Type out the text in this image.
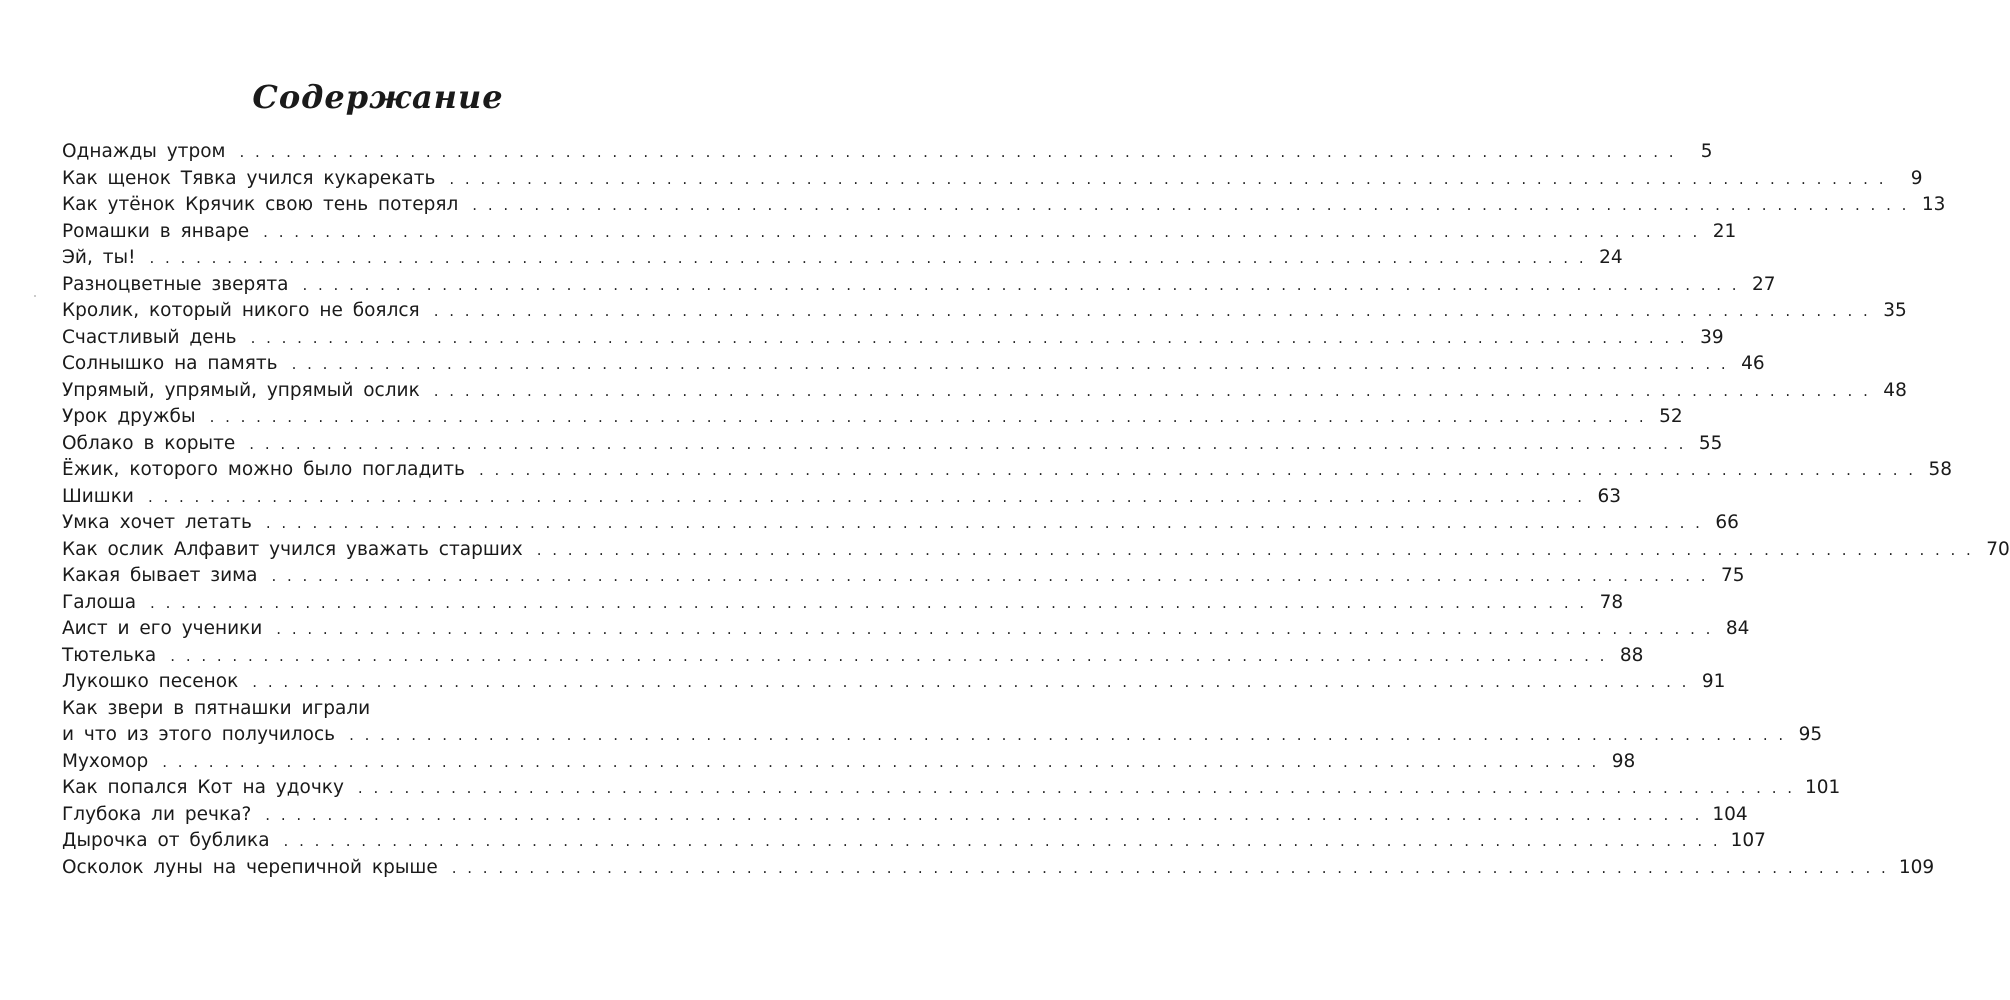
Содержание
Однажды утром . . . . . . . . . . . . . . . . . . . . . . . . . . . . . . . . . . . . . . . . . . . . . . . . . . . . . . . . . . . . . . . . . . . . . . . . . . . . . . . . . . . . . . . . . . . . .	5
Как щенок Тявка учился кукарекать . . . . . . . . . . . . . . . . . . . . . . . . . . . . . . . . . . . . . . . . . . . . . . . . . . . . . . . . . . . . . . . . . . . . . . . . . . . . . . . . . . . . . . . . . . . . .	9
Как утёнок Крячик свою тень потерял . . . . . . . . . . . . . . . . . . . . . . . . . . . . . . . . . . . . . . . . . . . . . . . . . . . . . . . . . . . . . . . . . . . . . . . . . . . . . . . . . . . . . . . . . . . . . 13
Ромашки в январе . . . . . . . . . . . . . . . . . . . . . . . . . . . . . . . . . . . . . . . . . . . . . . . . . . . . . . . . . . . . . . . . . . . . . . . . . . . . . . . . . . . . . . . . . . . . . 21
Эй, ты! . . . . . . . . . . . . . . . . . . . . . . . . . . . . . . . . . . . . . . . . . . . . . . . . . . . . . . . . . . . . . . . . . . . . . . . . . . . . . . . . . . . . . . . . . . . . . 24
Разноцветные зверята . . . . . . . . . . . . . . . . . . . . . . . . . . . . . . . . . . . . . . . . . . . . . . . . . . . . . . . . . . . . . . . . . . . . . . . . . . . . . . . . . . . . . . . . . . . . . 27
Кролик, который никого не боялся . . . . . . . . . . . . . . . . . . . . . . . . . . . . . . . . . . . . . . . . . . . . . . . . . . . . . . . . . . . . . . . . . . . . . . . . . . . . . . . . . . . . . . . . . . . . . 35
Счастливый день . . . . . . . . . . . . . . . . . . . . . . . . . . . . . . . . . . . . . . . . . . . . . . . . . . . . . . . . . . . . . . . . . . . . . . . . . . . . . . . . . . . . . . . . . . . . . 39
Солнышко на память . . . . . . . . . . . . . . . . . . . . . . . . . . . . . . . . . . . . . . . . . . . . . . . . . . . . . . . . . . . . . . . . . . . . . . . . . . . . . . . . . . . . . . . . . . . . . 46
Упрямый, упрямый, упрямый ослик . . . . . . . . . . . . . . . . . . . . . . . . . . . . . . . . . . . . . . . . . . . . . . . . . . . . . . . . . . . . . . . . . . . . . . . . . . . . . . . . . . . . . . . . . . . . . 48
Урок дружбы . . . . . . . . . . . . . . . . . . . . . . . . . . . . . . . . . . . . . . . . . . . . . . . . . . . . . . . . . . . . . . . . . . . . . . . . . . . . . . . . . . . . . . . . . . . . . 52
Облако в корыте . . . . . . . . . . . . . . . . . . . . . . . . . . . . . . . . . . . . . . . . . . . . . . . . . . . . . . . . . . . . . . . . . . . . . . . . . . . . . . . . . . . . . . . . . . . . . 55
Ёжик, которого можно было погладить . . . . . . . . . . . . . . . . . . . . . . . . . . . . . . . . . . . . . . . . . . . . . . . . . . . . . . . . . . . . . . . . . . . . . . . . . . . . . . . . . . . . . . . . . . . . . 58
Шишки . . . . . . . . . . . . . . . . . . . . . . . . . . . . . . . . . . . . . . . . . . . . . . . . . . . . . . . . . . . . . . . . . . . . . . . . . . . . . . . . . . . . . . . . . . . . . 63
Умка хочет летать . . . . . . . . . . . . . . . . . . . . . . . . . . . . . . . . . . . . . . . . . . . . . . . . . . . . . . . . . . . . . . . . . . . . . . . . . . . . . . . . . . . . . . . . . . . . . 66
Как ослик Алфавит учился уважать старших . . . . . . . . . . . . . . . . . . . . . . . . . . . . . . . . . . . . . . . . . . . . . . . . . . . . . . . . . . . . . . . . . . . . . . . . . . . . . . . . . . . . . . . . . . . . . 70
Какая бывает зима . . . . . . . . . . . . . . . . . . . . . . . . . . . . . . . . . . . . . . . . . . . . . . . . . . . . . . . . . . . . . . . . . . . . . . . . . . . . . . . . . . . . . . . . . . . . . 75
Галоша . . . . . . . . . . . . . . . . . . . . . . . . . . . . . . . . . . . . . . . . . . . . . . . . . . . . . . . . . . . . . . . . . . . . . . . . . . . . . . . . . . . . . . . . . . . . . 78
Аист и его ученики . . . . . . . . . . . . . . . . . . . . . . . . . . . . . . . . . . . . . . . . . . . . . . . . . . . . . . . . . . . . . . . . . . . . . . . . . . . . . . . . . . . . . . . . . . . . . 84
Тютелька . . . . . . . . . . . . . . . . . . . . . . . . . . . . . . . . . . . . . . . . . . . . . . . . . . . . . . . . . . . . . . . . . . . . . . . . . . . . . . . . . . . . . . . . . . . . . 88
Лукошко песенок . . . . . . . . . . . . . . . . . . . . . . . . . . . . . . . . . . . . . . . . . . . . . . . . . . . . . . . . . . . . . . . . . . . . . . . . . . . . . . . . . . . . . . . . . . . . . 91
Как звери в пятнашки играли
и что из этого получилось . . . . . . . . . . . . . . . . . . . . . . . . . . . . . . . . . . . . . . . . . . . . . . . . . . . . . . . . . . . . . . . . . . . . . . . . . . . . . . . . . . . . . . . . . . . . . 95
Мухомор . . . . . . . . . . . . . . . . . . . . . . . . . . . . . . . . . . . . . . . . . . . . . . . . . . . . . . . . . . . . . . . . . . . . . . . . . . . . . . . . . . . . . . . . . . . . . 98
Как попался Кот на удочку . . . . . . . . . . . . . . . . . . . . . . . . . . . . . . . . . . . . . . . . . . . . . . . . . . . . . . . . . . . . . . . . . . . . . . . . . . . . . . . . . . . . . . . . . . . . . 101
Глубока ли речка? . . . . . . . . . . . . . . . . . . . . . . . . . . . . . . . . . . . . . . . . . . . . . . . . . . . . . . . . . . . . . . . . . . . . . . . . . . . . . . . . . . . . . . . . . . . . . 104
Дырочка от бублика . . . . . . . . . . . . . . . . . . . . . . . . . . . . . . . . . . . . . . . . . . . . . . . . . . . . . . . . . . . . . . . . . . . . . . . . . . . . . . . . . . . . . . . . . . . . . 107
Осколок луны на черепичной крыше . . . . . . . . . . . . . . . . . . . . . . . . . . . . . . . . . . . . . . . . . . . . . . . . . . . . . . . . . . . . . . . . . . . . . . . . . . . . . . . . . . . . . . . . . . . . . 109
